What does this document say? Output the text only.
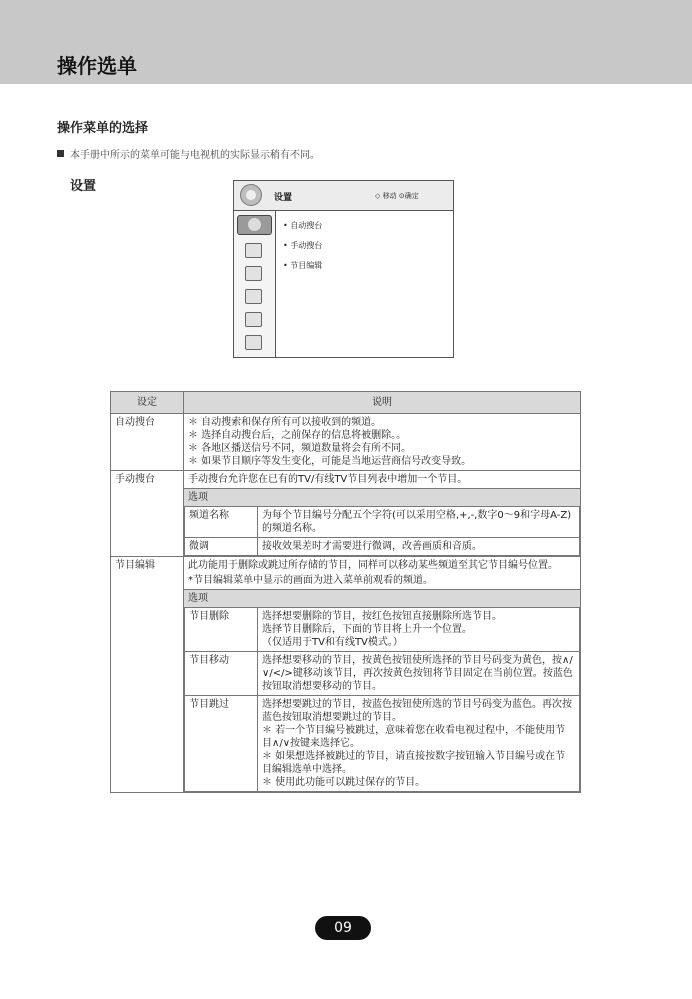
操作选单
操作菜单的选择
本手册中所示的菜单可能与电视机的实际显示稍有不同。
设置
设置	◇ 移动 ⊙确定
• 自动搜台
• 手动搜台
• 节目编辑
设定	说明
自动搜台	＊ 自动搜索和保存所有可以接收到的频道。
＊ 选择自动搜台后，之前保存的信息将被删除。。
＊ 各地区播送信号不同，频道数量将会有所不同。
＊ 如果节目顺序等发生变化，可能是当地运营商信号改变导致。

手动搜台	手动搜台允许您在已有的TV/有线TV节目列表中增加一个节目。
选项
频道名称	为每个节目编号分配五个字符(可以采用空格,+,-,数字0～9和字母A-Z)的频道名称。
微调	接收效果差时才需要进行微调，改善画质和音质。

节目编辑	此功能用于删除或跳过所存储的节目，同样可以移动某些频道至其它节目编号位置。
*节目编辑菜单中显示的画面为进入菜单前观看的频道。
选项
节目删除	选择想要删除的节目，按红色按钮直接删除所选节目。
选择节目删除后，下面的节目将上升一个位置。
（仅适用于TV和有线TV模式。）

节目移动	选择想要移动的节目，按黄色按钮使所选择的节目号码变为黄色，按∧/∨/</>键移动该节目，再次按黄色按钮将节目固定在当前位置。按蓝色按钮取消想要移动的节目。

节目跳过	选择想要跳过的节目，按蓝色按钮使所选的节目号码变为蓝色。再次按蓝色按钮取消想要跳过的节目。
＊ 若一个节目编号被跳过，意味着您在收看电视过程中，不能使用节目∧/∨按键来选择它。
＊ 如果想选择被跳过的节目，请直接按数字按钮输入节目编号或在节目编辑选单中选择。
＊ 使用此功能可以跳过保存的节目。
09
